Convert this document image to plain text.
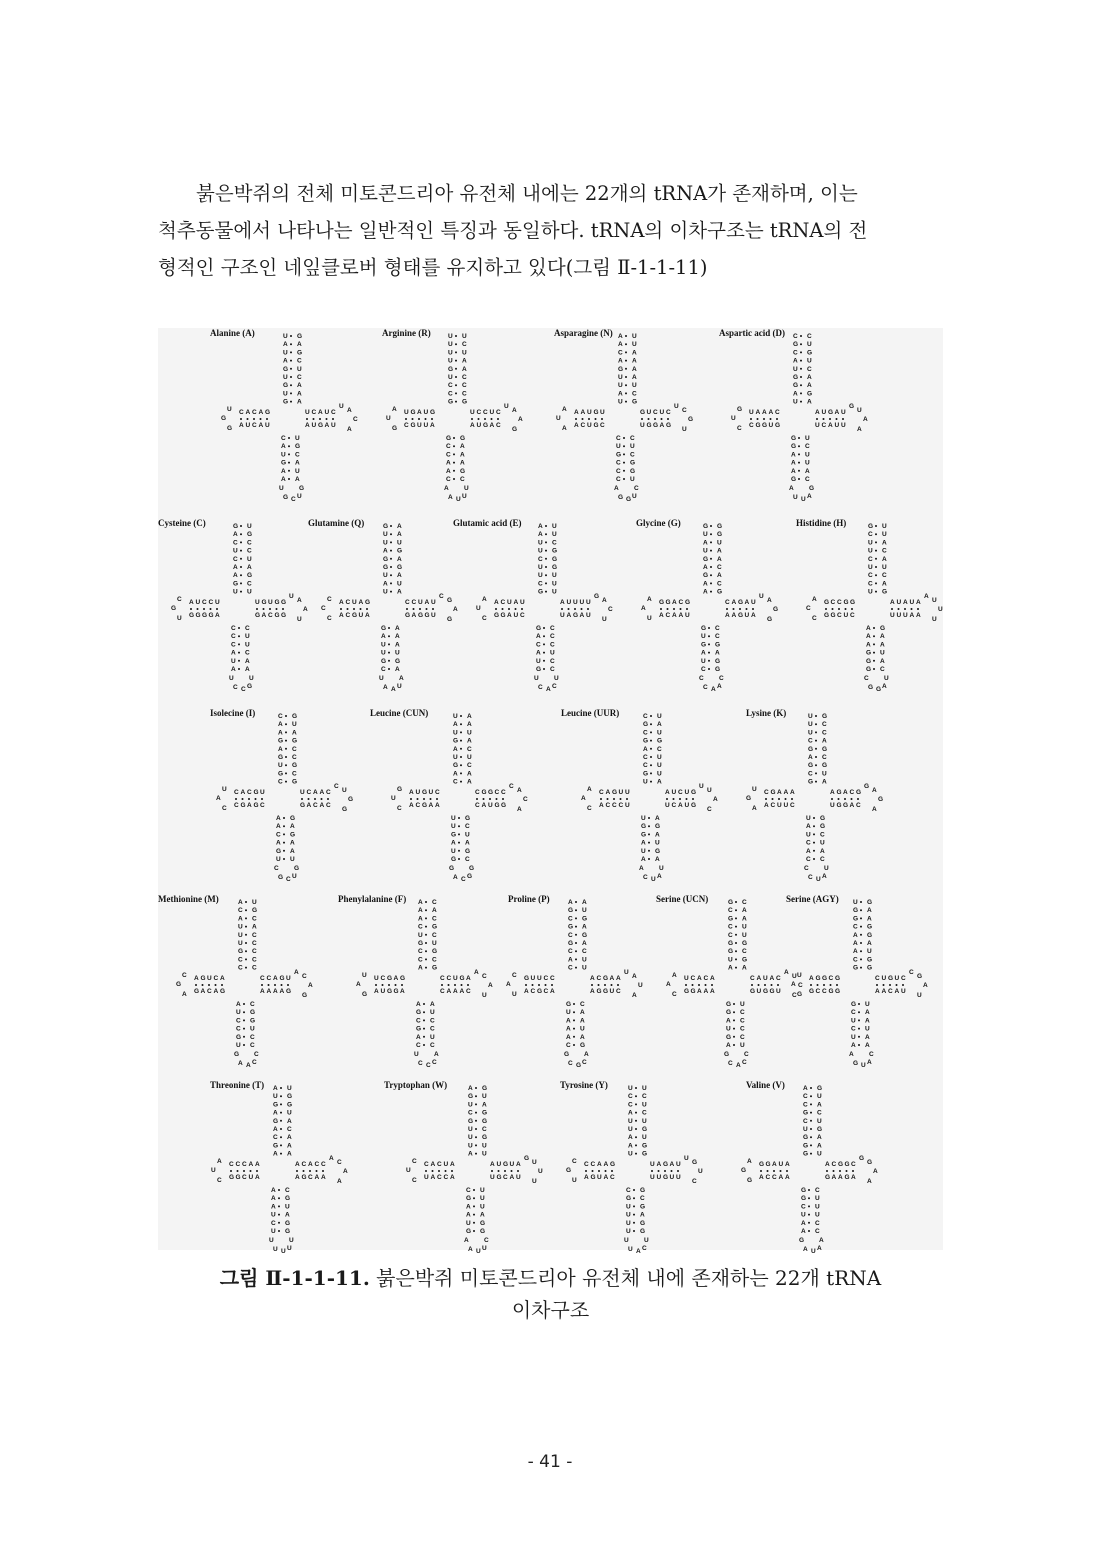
붉은박쥐의 전체 미토콘드리아 유전체 내에는 22개의 tRNA가 존재하며, 이는
척추동물에서 나타나는 일반적인 특징과 동일하다. tRNA의 이차구조는 tRNA의 전
형적인 구조인 네잎클로버 형태를 유지하고 있다(그림 Ⅱ-1-1-11)

Alanine (A)	U G
A A
U G
A C
G U
U C
G A
U A
G A
G
U
A
A
C
C
A
U
C
A
U
G
G
U
A
C
U
A
G
U
A
C
U
U
A
C
A
C U
A G
U C
G A
A U
A A
U G
G C U
Arginine (R)	U U
U C
U U
U A
G A
U C
C C
C C
G G
G
A
U
U
A
U
G
G
U
C
A
U
G
U
A
C
U
C
G
U
A
C
C
U
A
A
G
G G
C A
C A
A A
A G
C C
A U
A U U
Asparagine (N) A U
A U
C A
A A
G A
U A
U U
A C
U G
U
C
G
G
U
U
A
C
A
A
A
U
A
G
U
U
G
C
G
U
A
C
G
U
C
G
U
C C
U U
G C
C G
C G
C U
A C
G G U
Aspartic acid (D) C C
G U
C G
A U
U C
G A
G A
A G
U A
C
G
A
U
A
G
A
G
U
C
G
U
C
A
U
U
C
G
A
A
U
U
U
G
U
A
A
G U
G C
A U
A U
A A
G C
A G
U U A
Cysteine (C)	G U
A G
C C
U C
C U
A A
A G
G C
U U
U
A
C
G
C
G
U
G
A
G
C
G
U
U
G
G
A
U
C
G
G
G
G
U
A
A
U
C C
C U
C U
A C
U A
A A
U U
C C G
Glutamine (Q)	G A
U A
U U
A G
G A
G G
U A
A U
U A
G
A
A
U
U
G
C
C
A
A
C
C
C
C
G
C
A
U
G
A
G
U
U
C
G
A
G
G A
A A
U A
U U
G G
C A
U A
A A U
Glutamic acid (E)	A U
A U
U C
U G
C G
U G
U U
C U
G U
U
C
A
U
U
A
C
G
A
G
A
U
C
A
U
U
A
U
G
U
A
U
U
G
A
C
U
G C
A C
C C
A U
U C
G C
U U
C A C
Glycine (G)	G G
U G
A U
U A
G A
A C
G A
A C
A G
G
U
C
A
A
A
G
C
G
A
A
A
U
C
A
A
A
G
G
A
U
U
A
U
A
G
G
G C
U C
G G
A A
U G
C G
C C
C A A
Histidine (H)	G U
C U
U A
U C
C A
U U
C C
C A
U G
G
C
G
U
C
C
C
G
G
G
A
C
C
A
U
U
U
A
U
U
A
A
A
A
U
U
U
A G
A A
A A
G U
G A
G C
C U
G G A
Isolecine (I)	C G
A U
A A
G G
A C
G C
U G
G C
C G
U
C
G
G
C
A
A
G
C
C
U
A
C
U
G
C
A
A
C
A
A
C
C
C
U
G
G
A G
A A
C G
A A
G A
U U
C G
G C U
Leucine (CUN)	U A
A A
U U
G A
A C
U U
G C
A A
C A
C
A
U
A
G
G
U
C
A
A
G
U
C
C
C
G
A
G
U
C
G
C
G
C
A
C
A
U G
U C
G U
A A
U G
G C
G G
A C G
Leucine (UUR)	C U
G A
C U
G G
A C
C U
C U
G U
U A
U
U
U
C
G
C
A
C
C
A
A
A
C
A
U
U
C
C
A
U
U
G
G
U
U
A
C
U A
G G
G A
A U
U G
A A
A U
C U A
Lysine (K)	U G
U C
U C
C A
G G
A C
G G
C U
G A
A
C
A
U
A
U
G
C
C
A
U
G
A
A
U
G
G
A
G
C
A
G
C
G
A
G
A
U G
A G
U C
C U
A A
C C
C U
C U A
Methionine (M)	A U
C G
A C
U A
U C
U C
G C
C C
C C
A
G
C
A
U
C
G
A
A
G
C
G
A
C
A
C
A
A
A
G
A
U
G
A
C
A
G
A C
U G
C G
C U
G C
U C
G C
A A C
Phenylalanine (F) A C
A A
A C
C G
U C
G U
C G
C C
A G
G
A
A
G
G
G
C
U
U
A
U
A
G
C
C
C
A
U
A
G
A
A
C
A
C
A
U
A A
G U
C C
G C
A U
C C
U A
C C C
Proline (P)	A A
G U
C G
G A
C G
G A
C C
A U
C U
C
A
C
C
U
G
U
C
G
A
C
A
U
A
A
C
G
G
G
A
U
A
C
U
A
U
A
G C
U A
A A
A U
A A
C G
G A
C G C
Serine (UCN)	G C
C A
G A
C U
C U
G G
G C
U G
A A
A
A
C
A
A
A
C
G
U
G
A
A
C
C
G
A
U
U
G
A
G
C
U
A
U
C
C
G U
G C
A C
U C
G C
A U
G C
C A C
Serine (AGY) U G
G A
G A
C G
A G
A A
A U
C G
G G
G
G
C
G
G
C
G
C
A
G
U
A
G
C
A
U
A
G
C
U
A
C
U
C
G
A
U
G U
C A
U A
C U
U A
A A
A C
G U A
Threonine (T) A U
U G
G G
A U
G A
A C
C A
G A
A A
A
A
A
U
C
C
C
G
C
G
A
U
C
A
A
C
G
A
C
C
A
C
A
A
C
A
A
A C
A G
A U
U A
C G
U G
U U
U U U
Tryptophan (W)	A G
G U
U A
C G
G G
U C
U G
U U
A U
A
A
U
C
C
C
A
A
C
U
C
U
C
A
U
U
G
G
C
U
A
A
U
G
U
U
U
C U
G U
A U
A A
U G
G G
A C
A U U
Tyrosine (Y)	U U
C C
C U
A C
U U
U G
A U
A G
U G
G
C
A
A
A
U
C
G
C
A
C
G
U
U
U
A
U
G
G
A
U
U
U
U
G
U
C
C G
G C
U G
U A
U G
U G
U U
U A C
Valine (V)	A G
C U
C A
G C
C U
U G
G A
G A
G U
A
A
U
A
A
C
G
C
G
A
A
G
G
A
G
C
A
G
A
G
G
C
A
G
G
A
A
G C
G U
C U
U U
A C
A C
G A
A U A
그림 Ⅱ-1-1-11. 붉은박쥐 미토콘드리아 유전체 내에 존재하는 22개 tRNA
이차구조
- 41 -
